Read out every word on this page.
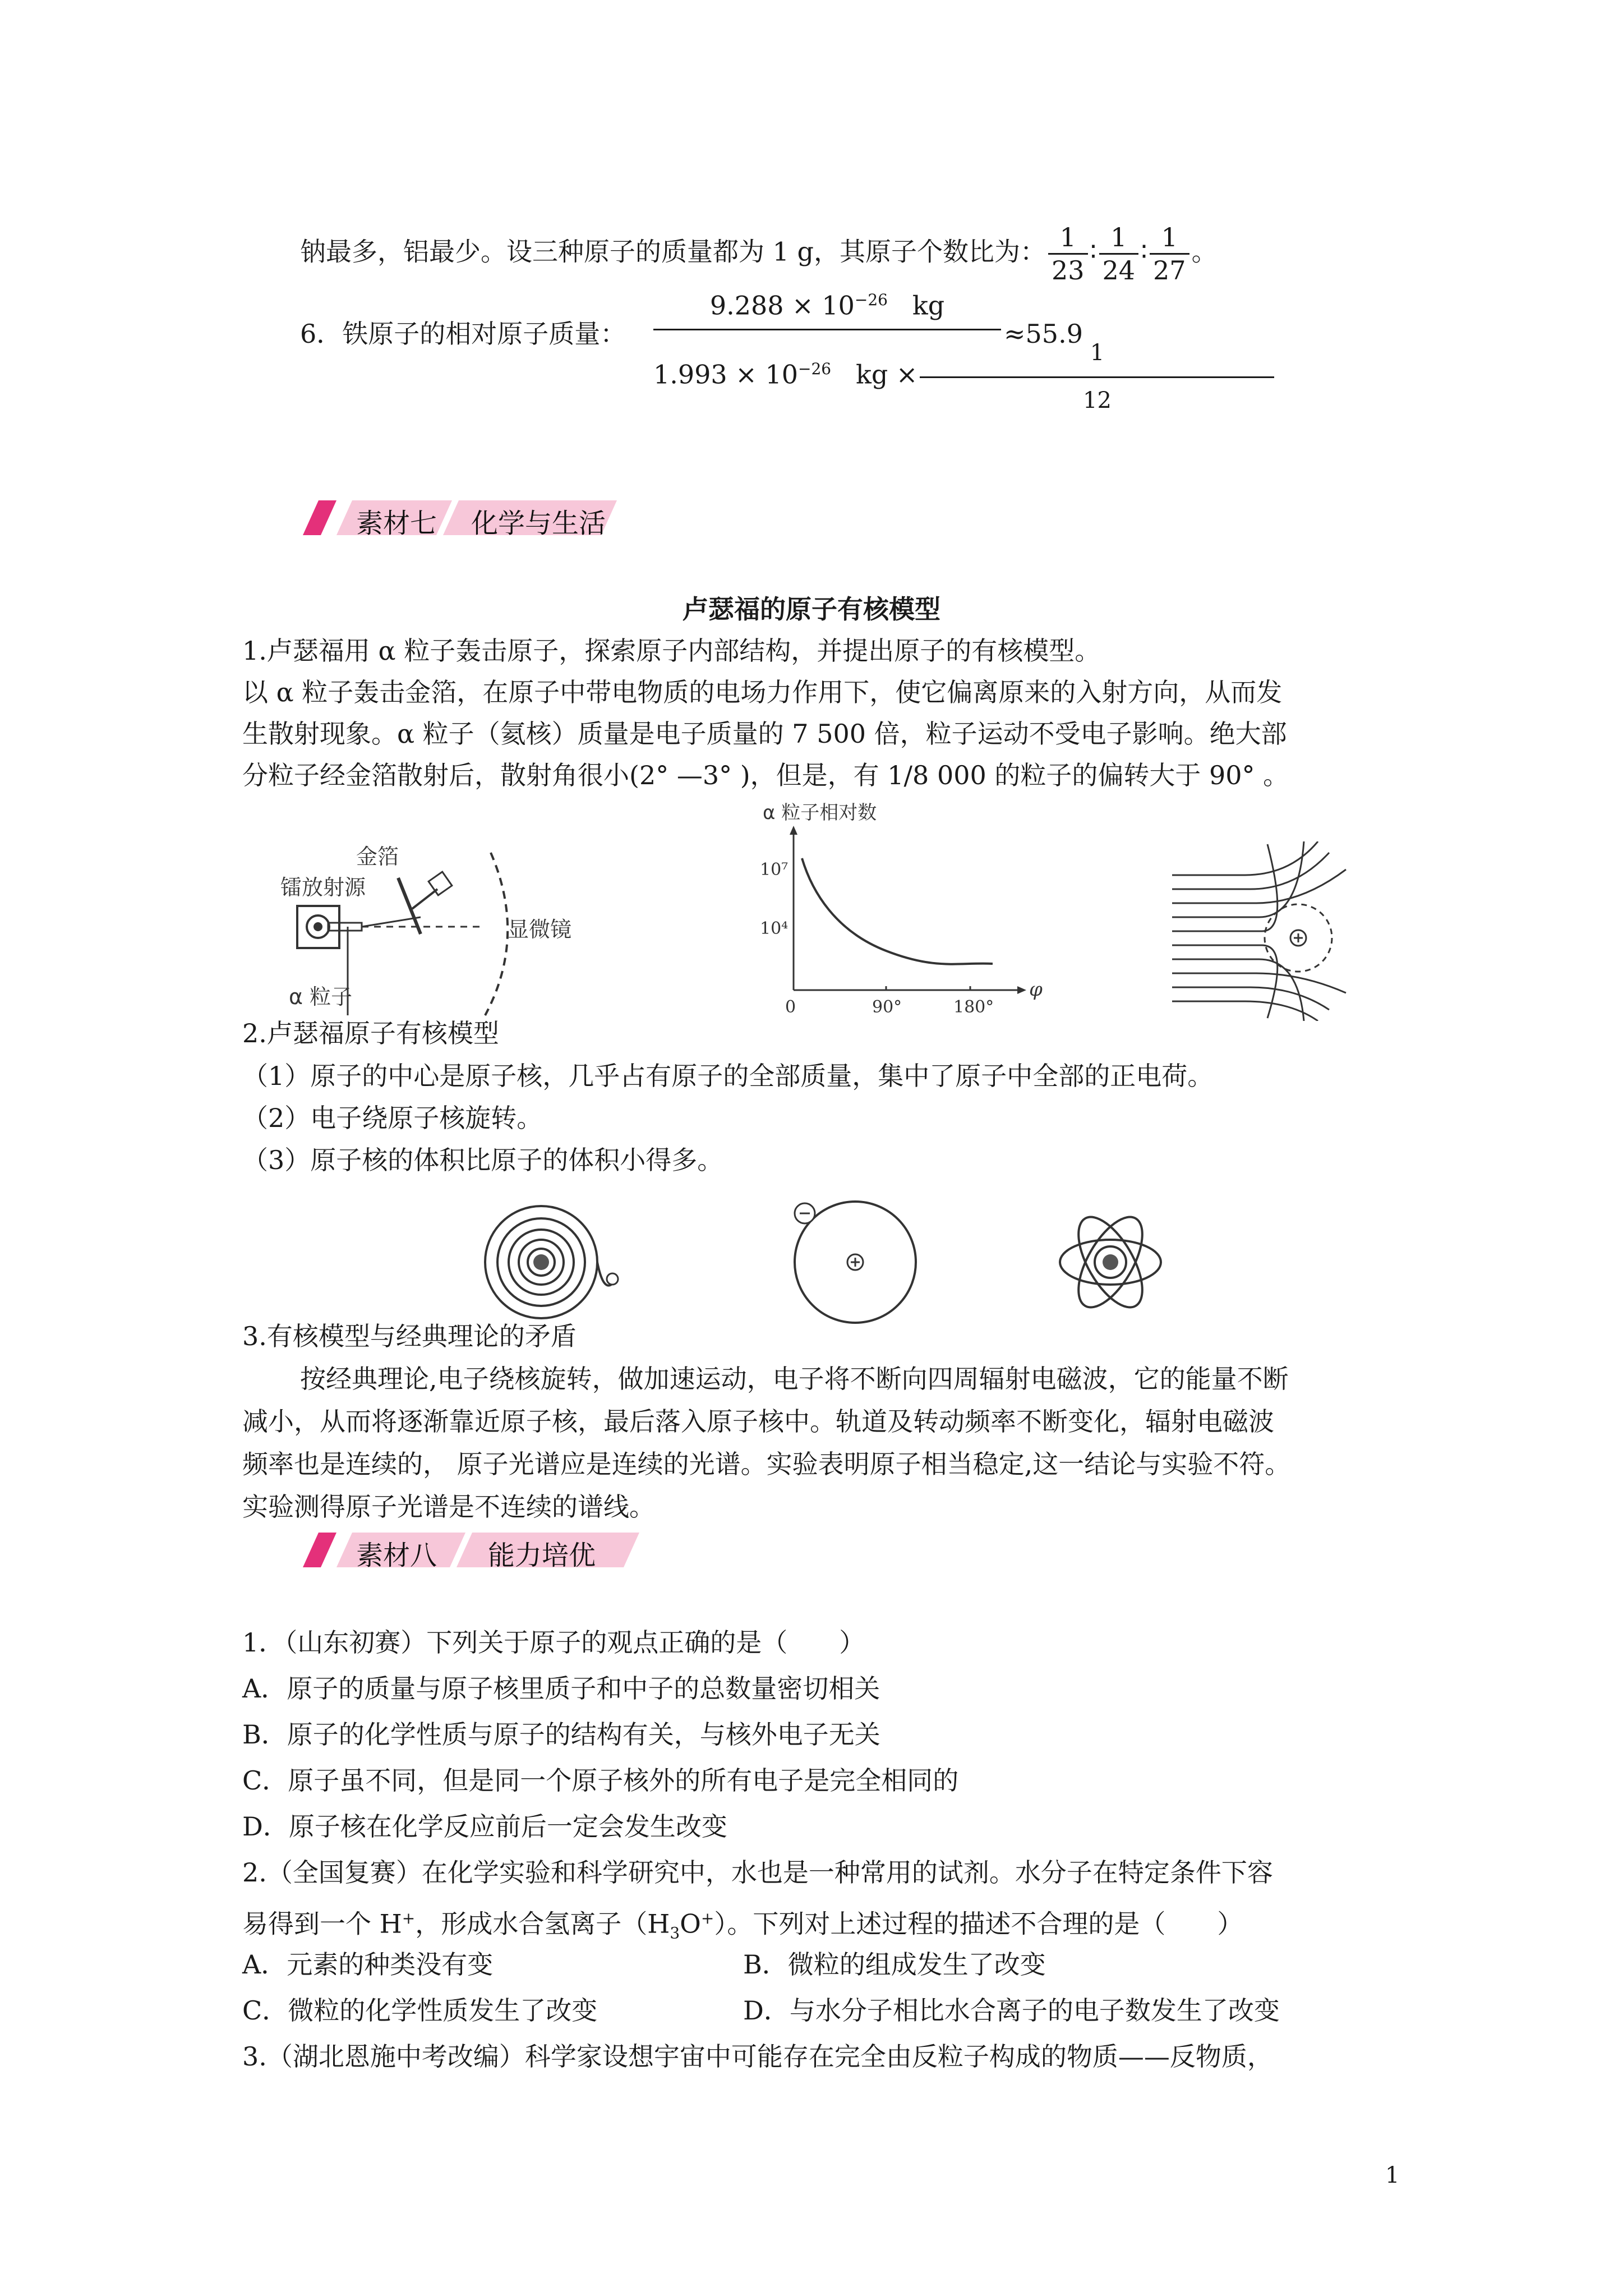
钠最多，铝最少。设三种原子的质量都为 1 g，其原子个数比为： $\frac{1}{23}$ ∶ $\frac{1}{24}$ ∶ $\frac{1}{27}$ 。
6．铁原子的相对原子质量： $\frac{9.288 \times 10^{-26} kg}{1.993 \times 10^{-26} kg \times \frac{1}{12}}$
≈55.9
素材七 化学与生活
卢瑟福的原子有核模型
1.卢瑟福用 α 粒子轰击原子，探索原子内部结构，并提出原子的有核模型。
以 α 粒子轰击金箔，在原子中带电物质的电场力作用下，使它偏离原来的入射方向，从而发
生散射现象。α 粒子（氦核）质量是电子质量的 7 500 倍，粒子运动不受电子影响。绝大部
分粒子经金箔散射后，散射角很小(2° —3° )，但是，有 1/8 000 的粒子的偏转大于 90° 。
镭放射源
金箔
显微镜
α 粒子
α 粒子相对数
φ
10⁷
10⁴
0	90°	180°
2.卢瑟福原子有核模型
（1）原子的中心是原子核，几乎占有原子的全部质量，集中了原子中全部的正电荷。
（2）电子绕原子核旋转。
（3）原子核的体积比原子的体积小得多。
3.有核模型与经典理论的矛盾
按经典理论,电子绕核旋转，做加速运动，电子将不断向四周辐射电磁波，它的能量不断
减小，从而将逐渐靠近原子核，最后落入原子核中。轨道及转动频率不断变化，辐射电磁波
频率也是连续的， 原子光谱应是连续的光谱。实验表明原子相当稳定,这一结论与实验不符。
实验测得原子光谱是不连续的谱线。
素材八 能力培优
1．（山东初赛）下列关于原子的观点正确的是（　　）
A．原子的质量与原子核里质子和中子的总数量密切相关
B．原子的化学性质与原子的结构有关，与核外电子无关
C．原子虽不同，但是同一个原子核外的所有电子是完全相同的
D．原子核在化学反应前后一定会发生改变
2.（全国复赛）在化学实验和科学研究中，水也是一种常用的试剂。水分子在特定条件下容
易得到一个 H+，形成水合氢离子$(H_3O^+)$。下列对上述过程的描述不合理的是（　　）
A．元素的种类没有变	B．微粒的组成发生了改变
C．微粒的化学性质发生了改变	D．与水分子相比水合离子的电子数发生了改变
3.（湖北恩施中考改编）科学家设想宇宙中可能存在完全由反粒子构成的物质——反物质，
1
